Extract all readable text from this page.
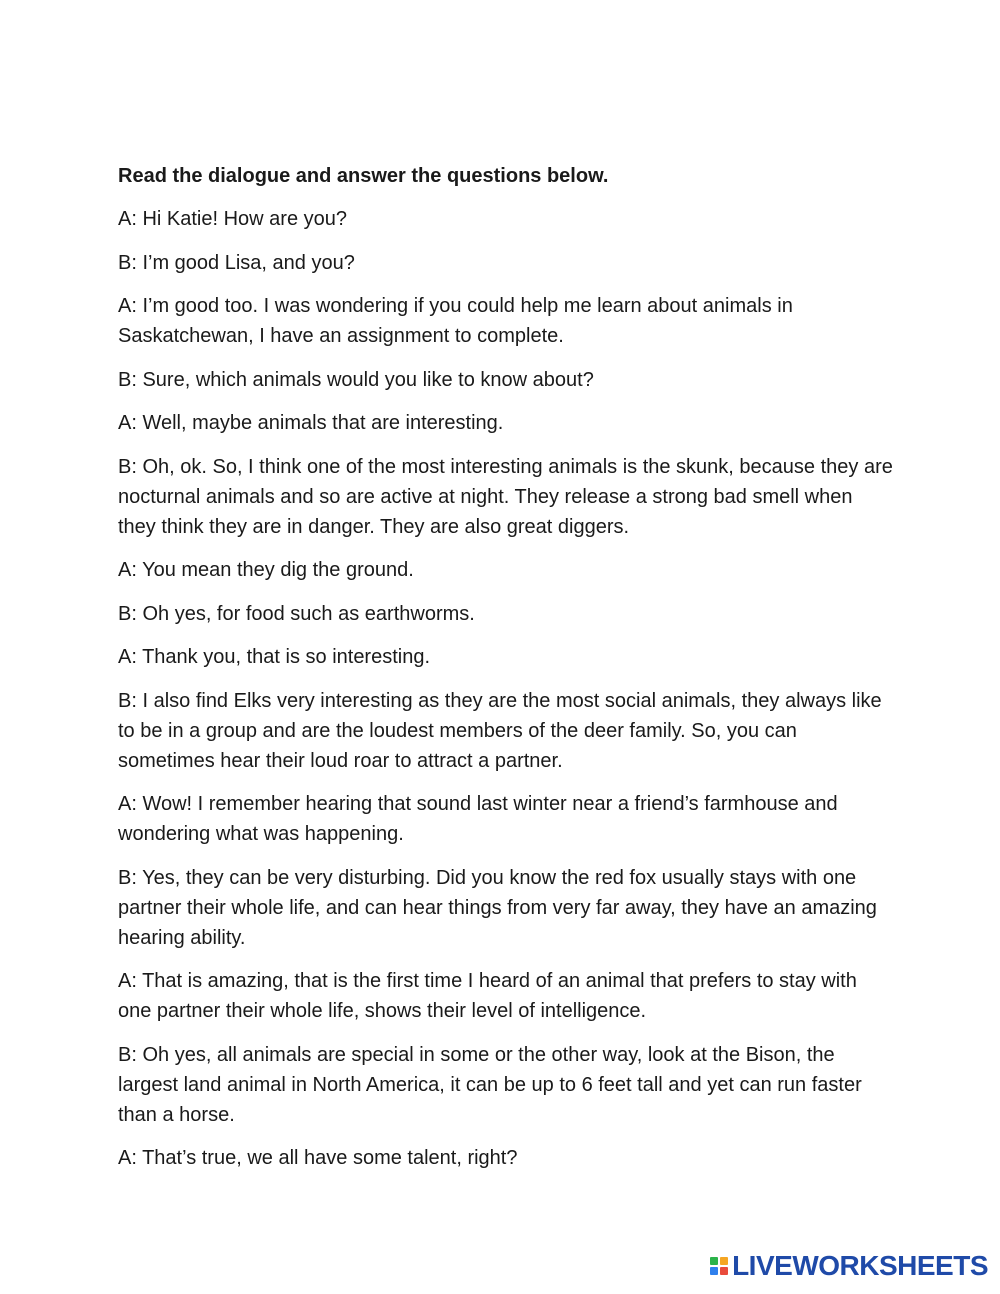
Read the dialogue and answer the questions below.

A: Hi Katie! How are you?

B: I’m good Lisa, and you?

A: I’m good too. I was wondering if you could help me learn about animals in Saskatchewan, I have an assignment to complete.

B: Sure, which animals would you like to know about?

A: Well, maybe animals that are interesting.

B: Oh, ok. So, I think one of the most interesting animals is the skunk, because they are nocturnal animals and so are active at night. They release a strong bad smell when they think they are in danger. They are also great diggers.

A: You mean they dig the ground.

B: Oh yes, for food such as earthworms.

A: Thank you, that is so interesting.

B: I also find Elks very interesting as they are the most social animals, they always like to be in a group and are the loudest members of the deer family. So, you can sometimes hear their loud roar to attract a partner.

A: Wow! I remember hearing that sound last winter near a friend’s farmhouse and wondering what was happening.

B: Yes, they can be very disturbing. Did you know the red fox usually stays with one partner their whole life, and can hear things from very far away, they have an amazing hearing ability.

A: That is amazing, that is the first time I heard of an animal that prefers to stay with one partner their whole life, shows their level of intelligence.

B: Oh yes, all animals are special in some or the other way, look at the Bison, the largest land animal in North America, it can be up to 6 feet tall and yet can run faster than a horse.

A: That’s true, we all have some talent, right?

LIVEWORKSHEETS
